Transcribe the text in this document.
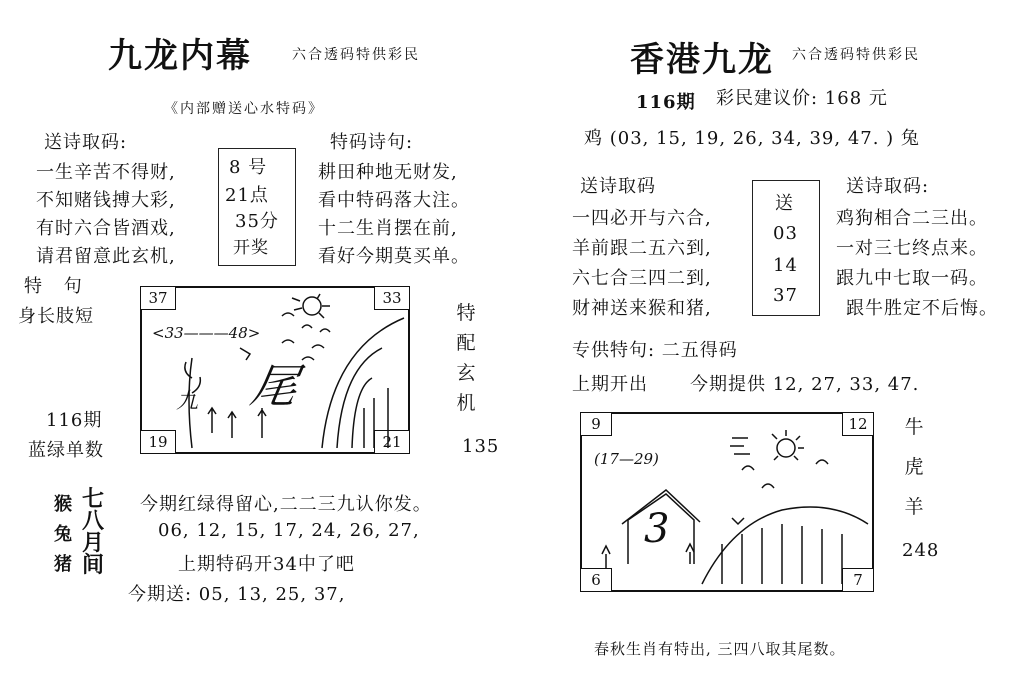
九龙内幕	六合透码特供彩民
《内部赠送心水特码》
送诗取码:	特码诗句:
一生辛苦不得财,
不知赌钱搏大彩,
有时六合皆酒戏,
请君留意此玄机,
8 号
21点
35分
开奖
耕田种地无财发,
看中特码落大注。
十二生肖摆在前,
看好今期莫买单。
特 句
身长肢短
116期
蓝绿单数
37	33
19	21
<33———48>
九 尾
特
配
玄
机
135
猴
兔
猪
七
八
月
间
今期红绿得留心,二二三九认你发。
06, 12, 15, 17, 24, 26, 27,
上期特码开34中了吧
今期送: 05, 13, 25, 37,
香港九龙 六合透码特供彩民
116期 彩民建议价: 168 元
鸡 (03, 15, 19, 26, 34, 39, 47. ) 兔
送诗取码	送诗取码:
一四必开与六合,
羊前跟二五六到,
六七合三四二到,
财神送来猴和猪,
送
03
14
37
鸡狗相合二三出。
一对三七终点来。
跟九中七取一码。
跟牛胜定不后悔。
专供特句: 二五得码
上期开出 今期提供 12, 27, 33, 47.
9	12
6	7
(17—29)
3
牛
虎
羊
248
春秋生肖有特出, 三四八取其尾数。
